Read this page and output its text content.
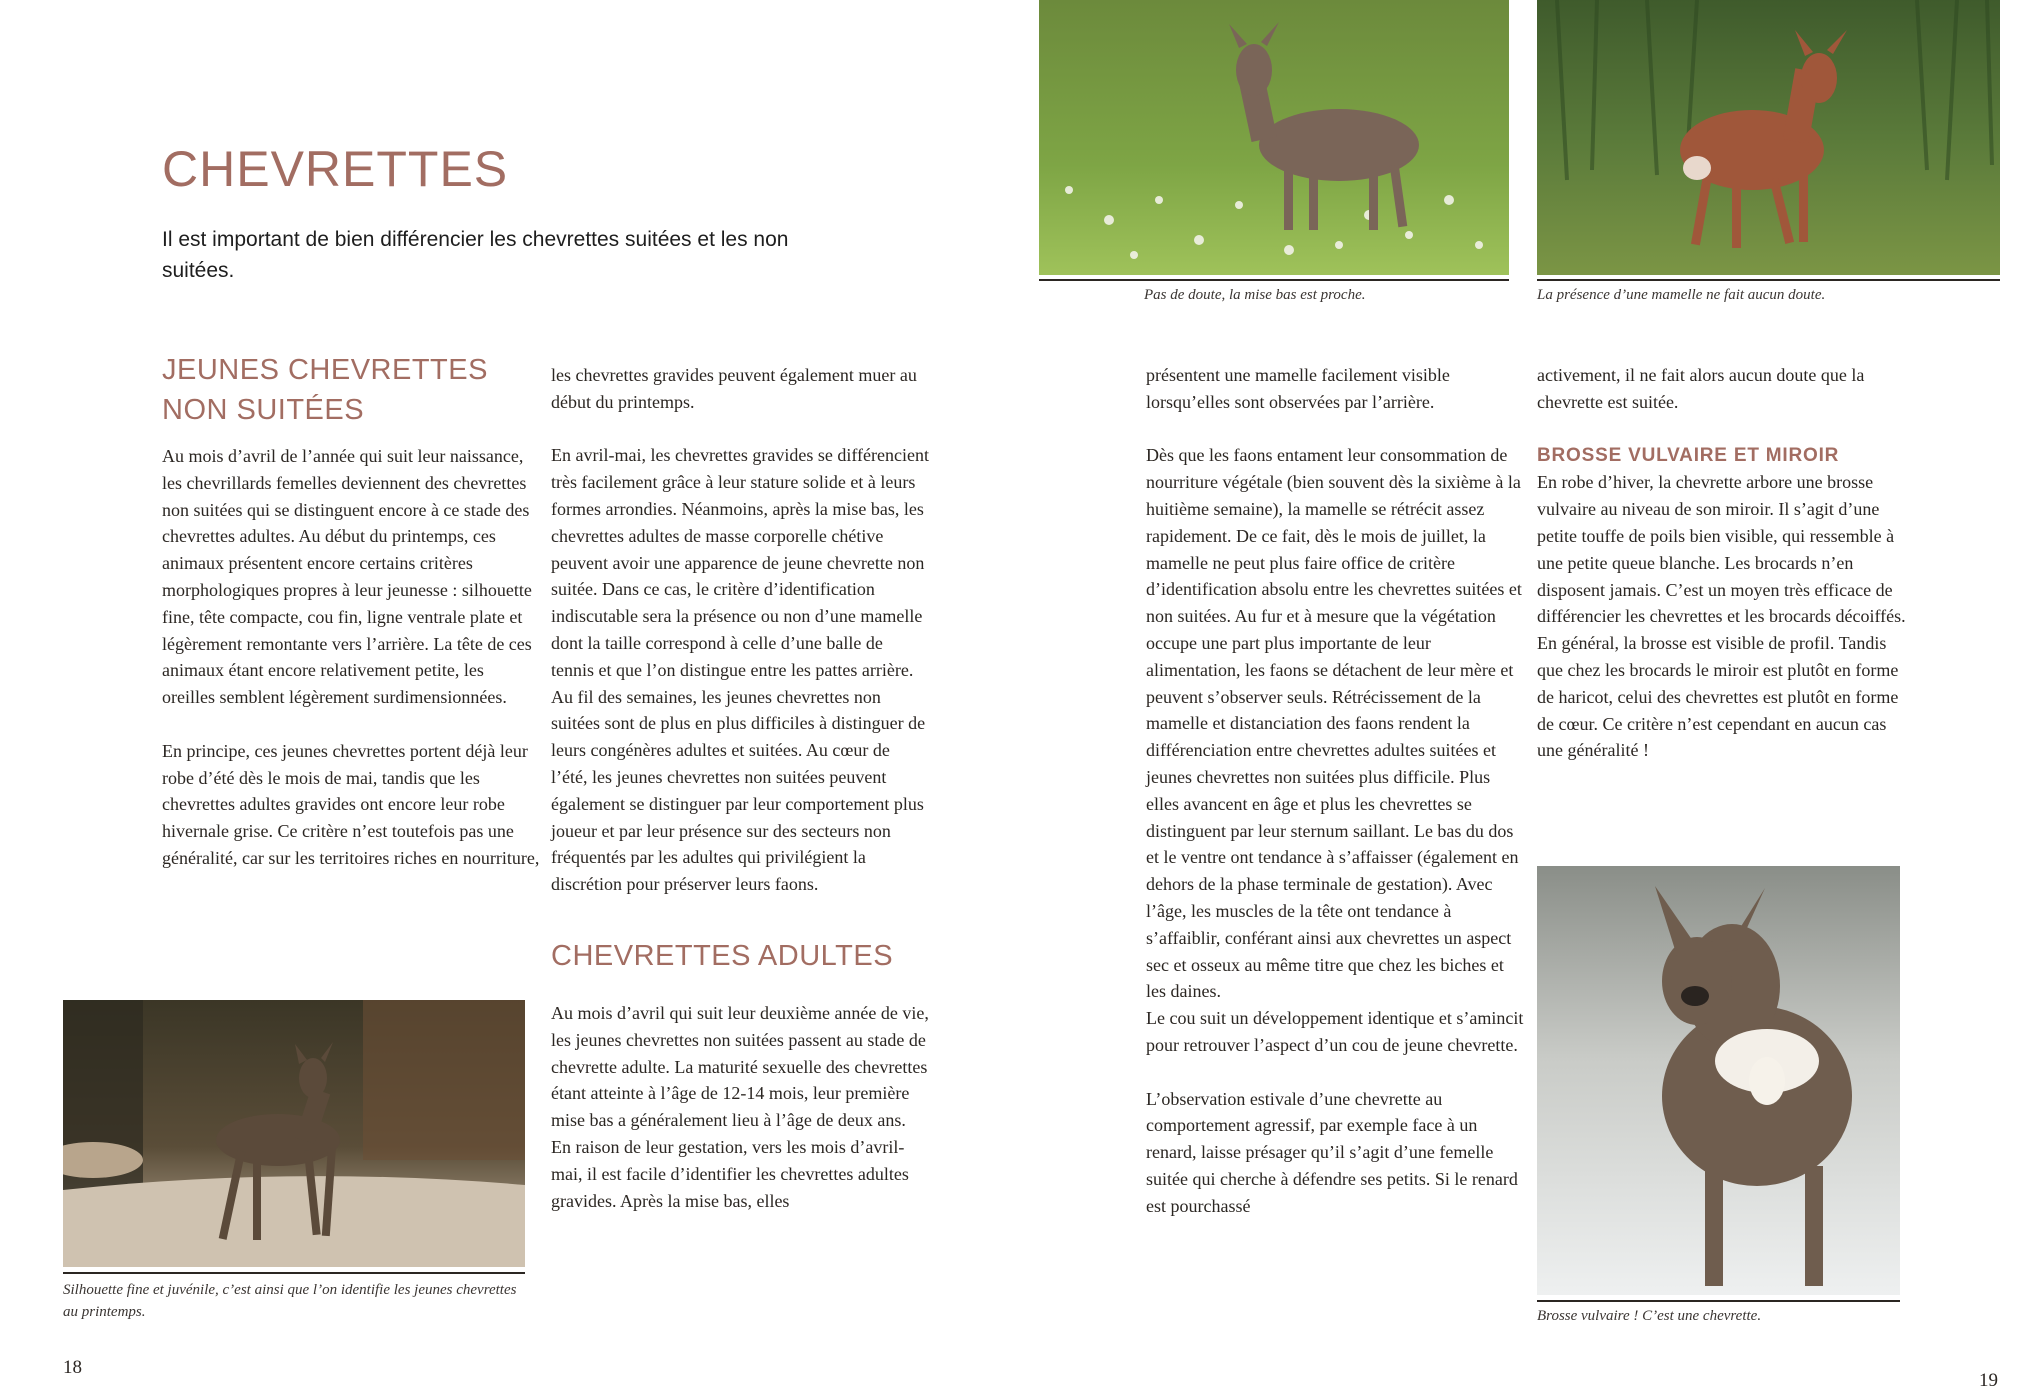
CHEVRETTES

Il est important de bien différencier les chevrettes suitées et les non suitées.

JEUNES CHEVRETTES
NON SUITÉES

Au mois d’avril de l’année qui suit leur naissance, les chevrillards femelles deviennent des chevrettes non suitées qui se distinguent encore à ce stade des chevrettes adultes. Au début du printemps, ces animaux présentent encore certains critères morphologiques propres à leur jeunesse : silhouette fine, tête compacte, cou fin, ligne ventrale plate et légèrement remontante vers l’arrière. La tête de ces animaux étant encore relativement petite, les oreilles semblent légèrement surdimensionnées.

En principe, ces jeunes chevrettes portent déjà leur robe d’été dès le mois de mai, tandis que les chevrettes adultes gravides ont encore leur robe hivernale grise. Ce critère n’est toutefois pas une généralité, car sur les territoires riches en nourriture,

les chevrettes gravides peuvent également muer au début du printemps.

En avril-mai, les chevrettes gravides se différencient très facilement grâce à leur stature solide et à leurs formes arrondies. Néanmoins, après la mise bas, les chevrettes adultes de masse corporelle chétive peuvent avoir une apparence de jeune chevrette non suitée. Dans ce cas, le critère d’identification indiscutable sera la présence ou non d’une mamelle dont la taille correspond à celle d’une balle de tennis et que l’on distingue entre les pattes arrière. Au fil des semaines, les jeunes chevrettes non suitées sont de plus en plus difficiles à distinguer de leurs congénères adultes et suitées. Au cœur de l’été, les jeunes chevrettes non suitées peuvent également se distinguer par leur comportement plus joueur et par leur présence sur des secteurs non fréquentés par les adultes qui privilégient la discrétion pour préserver leurs faons.

CHEVRETTES ADULTES

Au mois d’avril qui suit leur deuxième année de vie, les jeunes chevrettes non suitées passent au stade de chevrette adulte. La maturité sexuelle des chevrettes étant atteinte à l’âge de 12-14 mois, leur première mise bas a généralement lieu à l’âge de deux ans. En raison de leur gestation, vers les mois d’avril-mai, il est facile d’identifier les chevrettes adultes gravides. Après la mise bas, elles

Silhouette fine et juvénile, c’est ainsi que l’on identifie les jeunes chevrettes au printemps.

18

Pas de doute, la mise bas est proche.	La présence d’une mamelle ne fait aucun doute.

présentent une mamelle facilement visible lorsqu’elles sont observées par l’arrière.

Dès que les faons entament leur consommation de nourriture végétale (bien souvent dès la sixième à la huitième semaine), la mamelle se rétrécit assez rapidement. De ce fait, dès le mois de juillet, la mamelle ne peut plus faire office de critère d’identification absolu entre les chevrettes suitées et non suitées. Au fur et à mesure que la végétation occupe une part plus importante de leur alimentation, les faons se détachent de leur mère et peuvent s’observer seuls. Rétrécissement de la mamelle et distanciation des faons rendent la différenciation entre chevrettes adultes suitées et jeunes chevrettes non suitées plus difficile. Plus elles avancent en âge et plus les chevrettes se distinguent par leur sternum saillant. Le bas du dos et le ventre ont tendance à s’affaisser (également en dehors de la phase terminale de gestation). Avec l’âge, les muscles de la tête ont tendance à s’affaiblir, conférant ainsi aux chevrettes un aspect sec et osseux au même titre que chez les biches et les daines.

Le cou suit un développement identique et s’amincit pour retrouver l’aspect d’un cou de jeune chevrette.

L’observation estivale d’une chevrette au comportement agressif, par exemple face à un renard, laisse présager qu’il s’agit d’une femelle suitée qui cherche à défendre ses petits. Si le renard est pourchassé

activement, il ne fait alors aucun doute que la chevrette est suitée.

BROSSE VULVAIRE ET MIROIR

En robe d’hiver, la chevrette arbore une brosse vulvaire au niveau de son miroir. Il s’agit d’une petite touffe de poils bien visible, qui ressemble à une petite queue blanche. Les brocards n’en disposent jamais. C’est un moyen très efficace de différencier les chevrettes et les brocards décoiffés. En général, la brosse est visible de profil. Tandis que chez les brocards le miroir est plutôt en forme de haricot, celui des chevrettes est plutôt en forme de cœur. Ce critère n’est cependant en aucun cas une généralité !

Brosse vulvaire ! C’est une chevrette.

19
